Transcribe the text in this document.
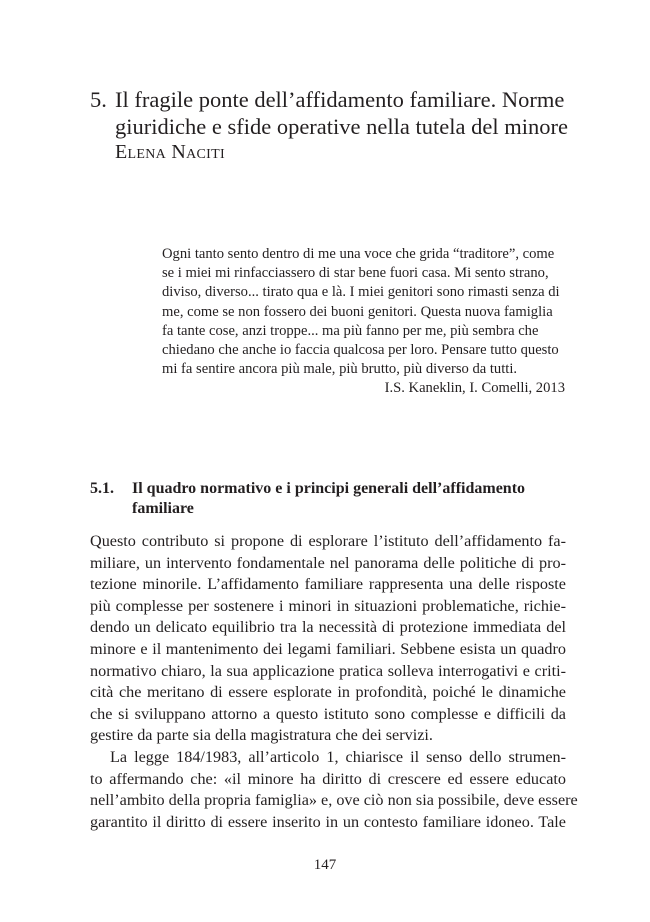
5. Il fragile ponte dell’affidamento familiare. Norme
giuridiche e sfide operative nella tutela del minore
Elena Naciti
Ogni tanto sento dentro di me una voce che grida “traditore”, come
se i miei mi rinfacciassero di star bene fuori casa. Mi sento strano,
diviso, diverso... tirato qua e là. I miei genitori sono rimasti senza di
me, come se non fossero dei buoni genitori. Questa nuova famiglia
fa tante cose, anzi troppe... ma più fanno per me, più sembra che
chiedano che anche io faccia qualcosa per loro. Pensare tutto questo
mi fa sentire ancora più male, più brutto, più diverso da tutti.
I.S. Kaneklin, I. Comelli, 2013
5.1. Il quadro normativo e i principi generali dell’affidamento
familiare
Questo contributo si propone di esplorare l’istituto dell’affidamento fa-
miliare, un intervento fondamentale nel panorama delle politiche di pro-
tezione minorile. L’affidamento familiare rappresenta una delle risposte
più complesse per sostenere i minori in situazioni problematiche, richie-
dendo un delicato equilibrio tra la necessità di protezione immediata del
minore e il mantenimento dei legami familiari. Sebbene esista un quadro
normativo chiaro, la sua applicazione pratica solleva interrogativi e criti-
cità che meritano di essere esplorate in profondità, poiché le dinamiche
che si sviluppano attorno a questo istituto sono complesse e difficili da
gestire da parte sia della magistratura che dei servizi.
La legge 184/1983, all’articolo 1, chiarisce il senso dello strumen-
to affermando che: «il minore ha diritto di crescere ed essere educato
nell’ambito della propria famiglia» e, ove ciò non sia possibile, deve essere
garantito il diritto di essere inserito in un contesto familiare idoneo. Tale
147
